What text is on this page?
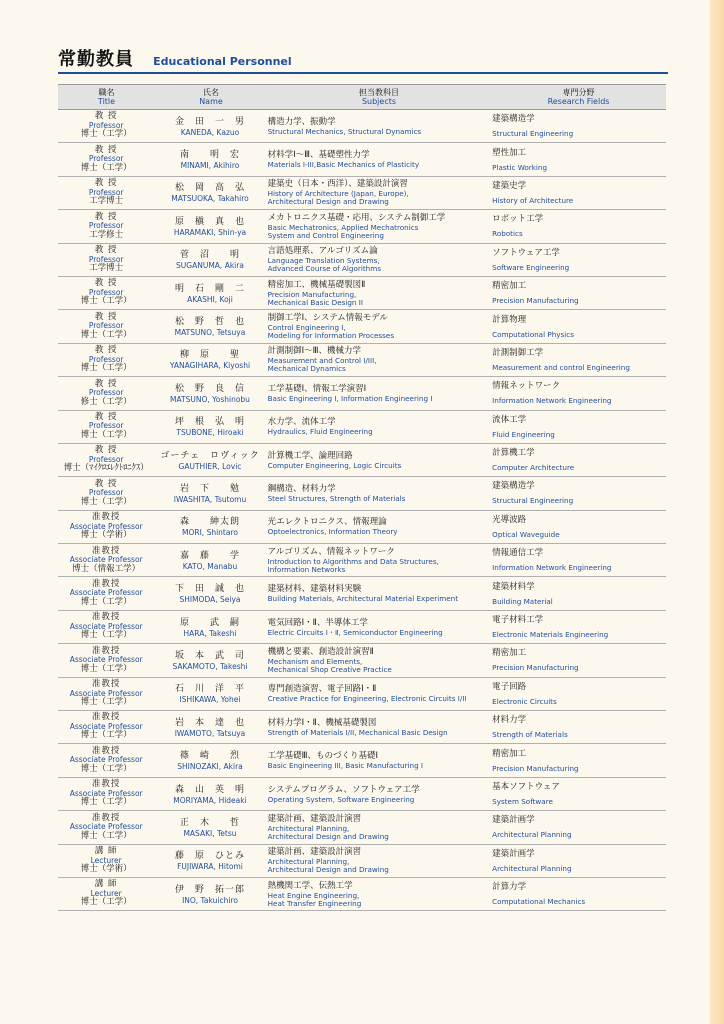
常勤教員 Educational Personnel
職名
Title
氏名
Name
担当教科目
Subjects
専門分野
Research Fields
教 授
Professor
博士（工学）
金　田　一　男
KANEDA, Kazuo
構造力学、振動学
Structural Mechanics, Structural Dynamics
建築構造学
Structural Engineering
教 授
Professor
博士（工学）
南　　明　宏
MINAMI, Akihiro
材料学Ⅰ～Ⅲ、基礎塑性力学
Materials I-III,Basic Mechanics of Plasticity
塑性加工
Plastic Working
教 授
Professor
工学博士
松　岡　高　弘
MATSUOKA, Takahiro
建築史（日本・西洋）、建築設計演習
History of Architecture (Japan, Europe),
Architectural Design and Drawing
建築史学
History of Architecture
教 授
Professor
工学修士
原　槇　真　也
HARAMAKI, Shin-ya
メカトロニクス基礎・応用、システム制御工学
Basic Mechatronics, Applied Mechatronics
System and Control Engineering
ロボット工学
Robotics
教 授
Professor
工学博士
菅　沼　　明
SUGANUMA, Akira
言語処理系、アルゴリズム論
Language Translation Systems,
Advanced Course of Algorithms
ソフトウェア工学
Software Engineering
教 授
Professor
博士（工学）
明　石　剛　二
AKASHI, Koji
精密加工、機械基礎製図Ⅱ
Precision Manufacturing,
Mechanical Basic Design II
精密加工
Precision Manufacturing
教 授
Professor
博士（工学）
松　野　哲　也
MATSUNO, Tetsuya
制御工学Ⅰ、システム情報モデル
Control Engineering I,
Modeling for Information Processes
計算物理
Computational Physics
教 授
Professor
博士（工学）
柳　原　　聖
YANAGIHARA, Kiyoshi
計測制御Ⅰ～Ⅲ、機械力学
Measurement and Control I/III,
Mechanical Dynamics
計測制御工学
Measurement and control Engineering
教 授
Professor
修士（工学）
松　野　良　信
MATSUNO, Yoshinobu
工学基礎Ⅰ、情報工学演習Ⅰ
Basic Engineering I, Information Engineering I
情報ネットワーク
Information Network Engineering
教 授
Professor
博士（工学）
坪　根　弘　明
TSUBONE, Hiroaki
水力学、流体工学
Hydraulics, Fluid Engineering
流体工学
Fluid Engineering
教 授
Professor
博士（ﾏｲｸﾛｴﾚｸﾄﾛﾆｸｽ）
ゴーチェ　ロヴィック
GAUTHIER, Lovic
計算機工学、論理回路
Computer Engineering, Logic Circuits
計算機工学
Computer Architecture
教 授
Professor
博士（工学）
岩　下　　勉
IWASHITA, Tsutomu
鋼構造、材料力学
Steel Structures, Strength of Materials
建築構造学
Structural Engineering
准教授
Associate Professor
博士（学術）
森　　紳太朗
MORI, Shintaro
光エレクトロニクス、情報理論
Optoelectronics, Information Theory
光導波路
Optical Waveguide
准教授
Associate Professor
博士（情報工学）
嘉　藤　　学
KATO, Manabu
アルゴリズム、情報ネットワーク
Introduction to Algorithms and Data Structures,
Information Networks
情報通信工学
Information Network Engineering
准教授
Associate Professor
博士（工学）
下　田　誠　也
SHIMODA, Seiya
建築材料、建築材料実験
Building Materials, Architectural Material Experiment
建築材料学
Building Material
准教授
Associate Professor
博士（工学）
原　　武　嗣
HARA, Takeshi
電気回路Ⅰ・Ⅱ、半導体工学
Electric Circuits Ⅰ・Ⅱ, Semiconductor Engineering
電子材料工学
Electronic Materials Engineering
准教授
Associate Professor
博士（工学）
坂　本　武　司
SAKAMOTO, Takeshi
機構と要素、創造設計演習Ⅱ
Mechanism and Elements,
Mechanical Shop Creative Practice
精密加工
Precision Manufacturing
准教授
Associate Professor
博士（工学）
石　川　洋　平
ISHIKAWA, Yohei
専門創造演習、電子回路Ⅰ・Ⅱ
Creative Practice for Engineering, Electronic Circuits I/II
電子回路
Electronic Circuits
准教授
Associate Professor
博士（工学）
岩　本　達　也
IWAMOTO, Tatsuya
材料力学Ⅰ・Ⅱ、機械基礎製図
Strength of Materials I/II, Mechanical Basic Design
材料力学
Strength of Materials
准教授
Associate Professor
博士（工学）
篠　崎　　烈
SHINOZAKI, Akira
工学基礎Ⅲ、ものづくり基礎Ⅰ
Basic Engineering III, Basic Manufacturing I
精密加工
Precision Manufacturing
准教授
Associate Professor
博士（工学）
森　山　英　明
MORIYAMA, Hideaki
システムプログラム、ソフトウェア工学
Operating System, Software Engineering
基本ソフトウェア
System Software
准教授
Associate Professor
博士（工学）
正　木　　哲
MASAKI, Tetsu
建築計画、建築設計演習
Architectural Planning,
Architectural Design and Drawing
建築計画学
Architectural Planning
講 師
Lecturer
博士（学術）
藤　原　ひとみ
FUJIWARA, Hitomi
建築計画、建築設計演習
Architectural Planning,
Architectural Design and Drawing
建築計画学
Architectural Planning
講 師
Lecturer
博士（工学）
伊　野　拓一郎
INO, Takuichiro
熱機関工学、伝熱工学
Heat Engine Engineering,
Heat Transfer Engineering
計算力学
Computational Mechanics
